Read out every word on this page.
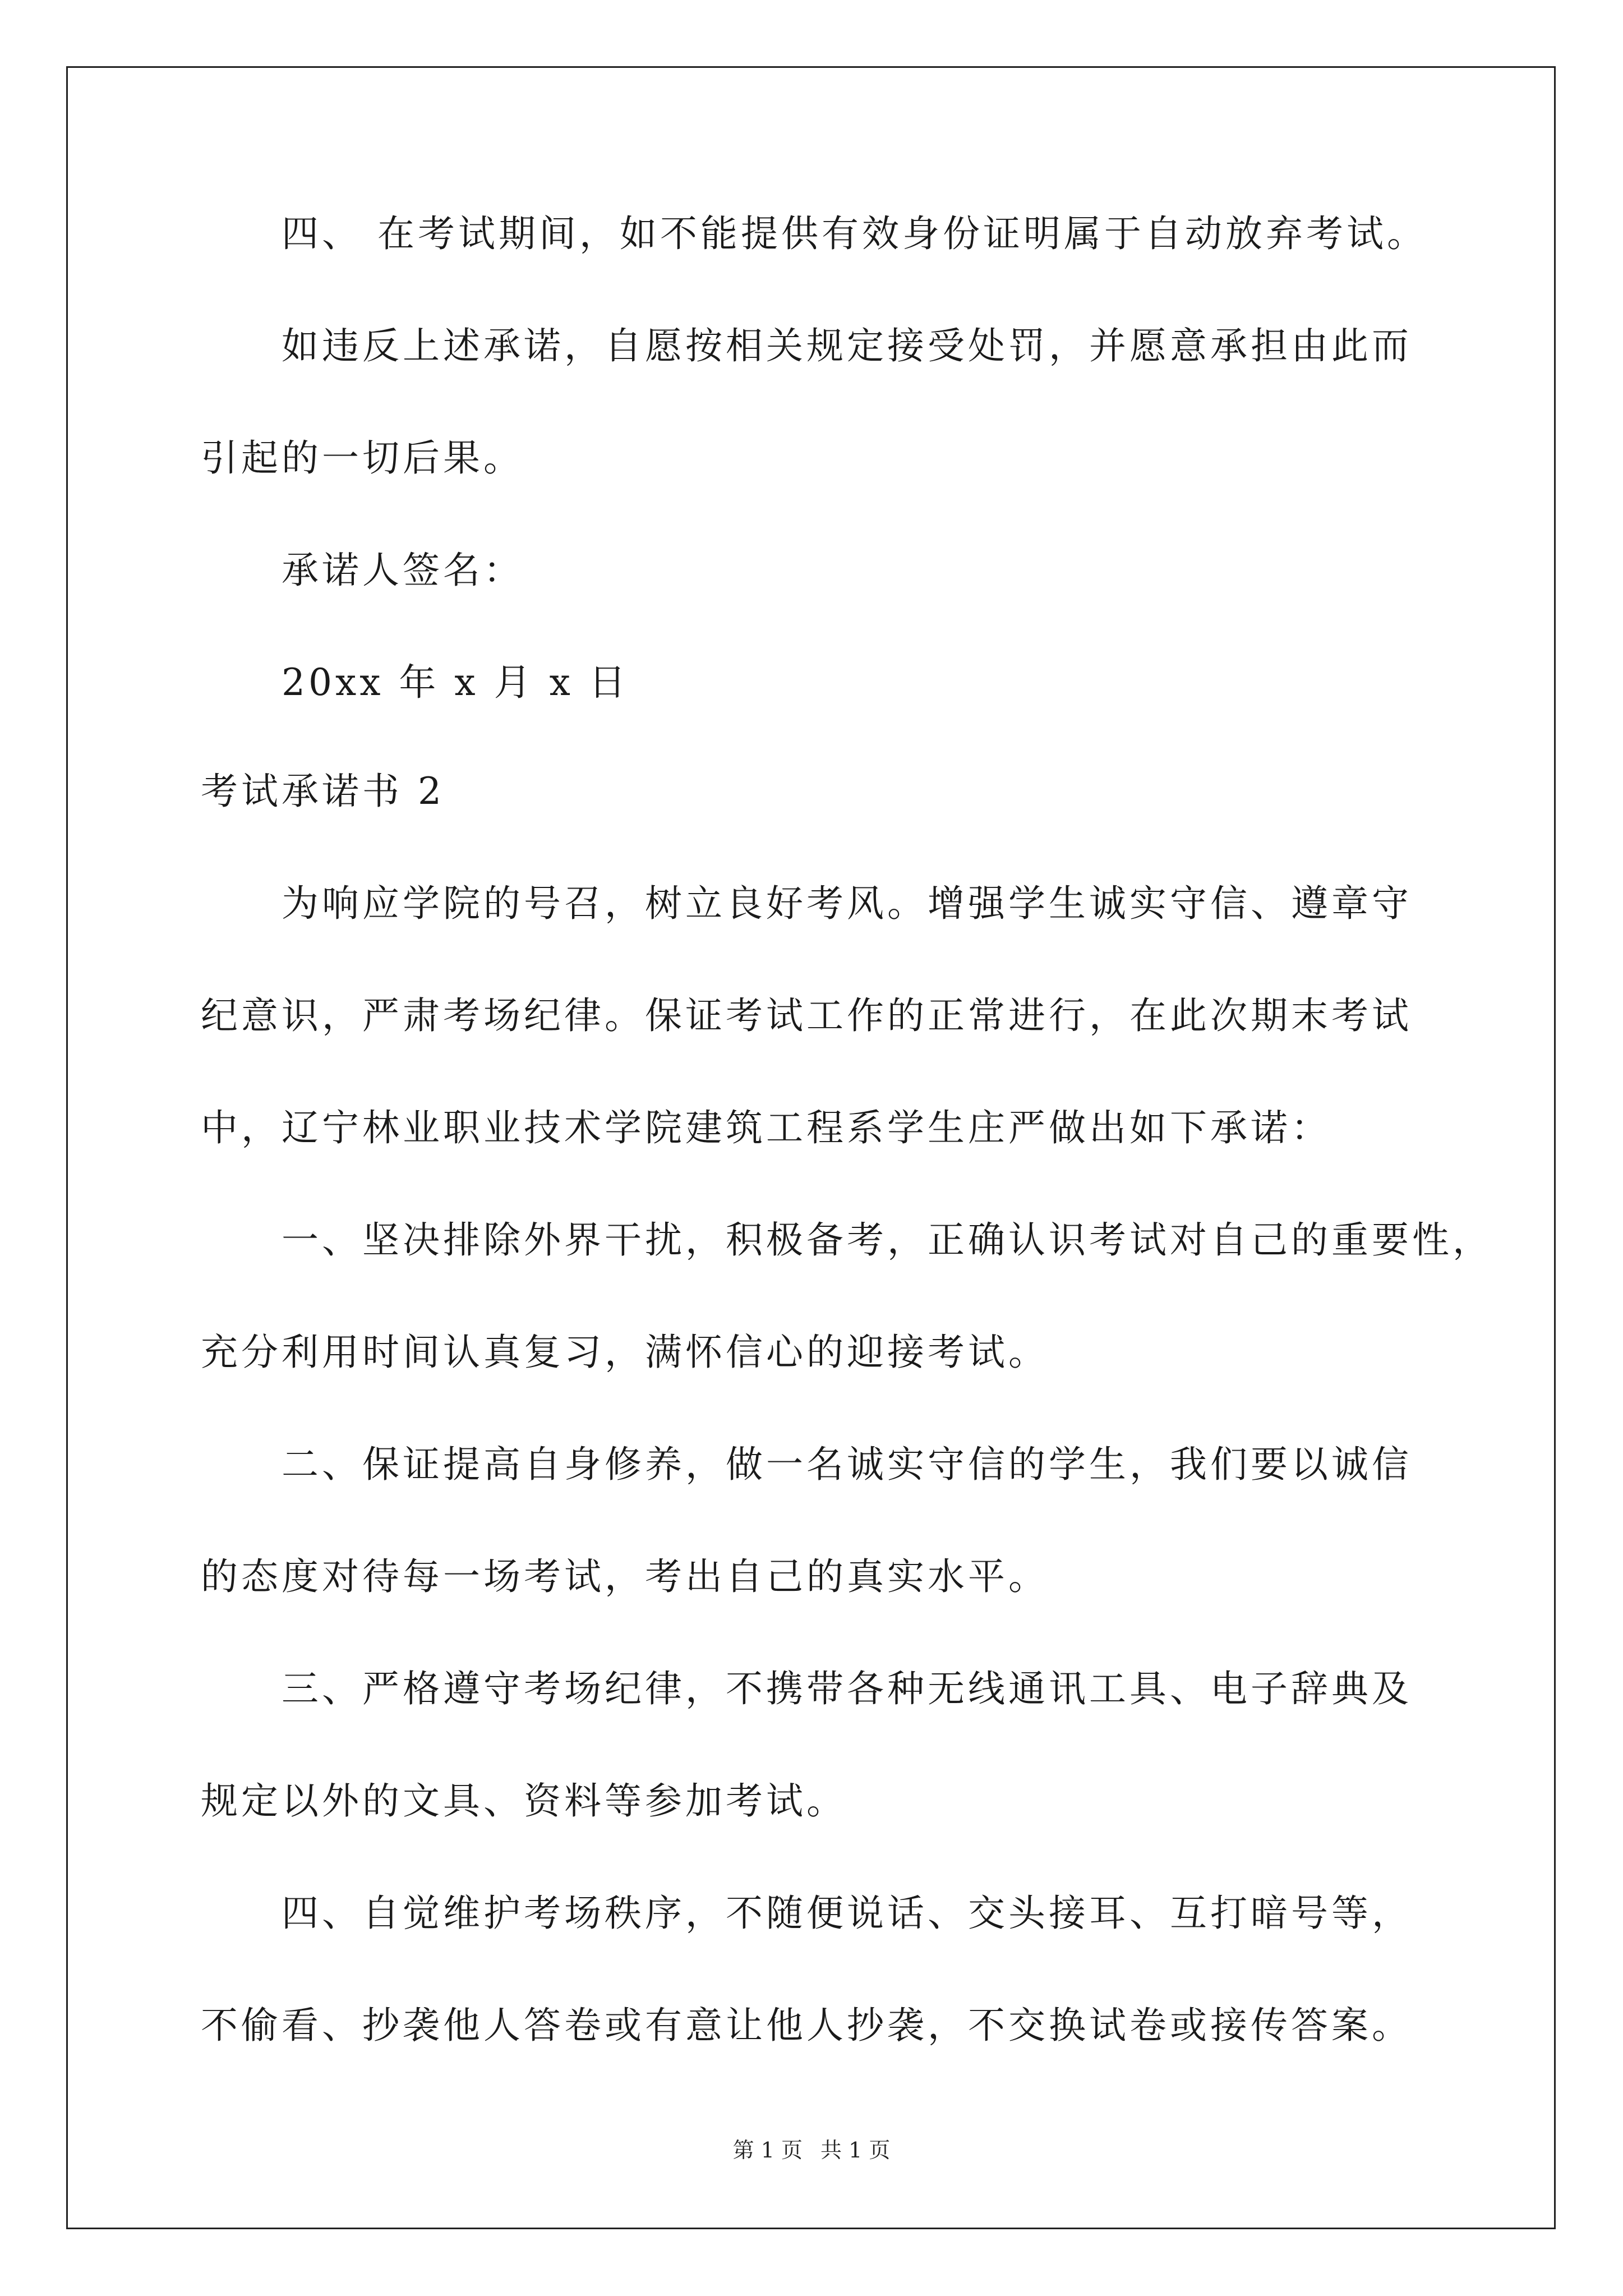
四、 在考试期间，如不能提供有效身份证明属于自动放弃考试。
如违反上述承诺，自愿按相关规定接受处罚，并愿意承担由此而
引起的一切后果。
承诺人签名：
20xx 年 x 月 x 日
考试承诺书 2
为响应学院的号召，树立良好考风。增强学生诚实守信、遵章守
纪意识，严肃考场纪律。保证考试工作的正常进行，在此次期末考试
中，辽宁林业职业技术学院建筑工程系学生庄严做出如下承诺：
一、坚决排除外界干扰，积极备考，正确认识考试对自己的重要性，
充分利用时间认真复习，满怀信心的迎接考试。
二、保证提高自身修养，做一名诚实守信的学生，我们要以诚信
的态度对待每一场考试，考出自己的真实水平。
三、严格遵守考场纪律，不携带各种无线通讯工具、电子辞典及
规定以外的文具、资料等参加考试。
四、自觉维护考场秩序，不随便说话、交头接耳、互打暗号等，
不偷看、抄袭他人答卷或有意让他人抄袭，不交换试卷或接传答案。
第 1 页 共 1 页
